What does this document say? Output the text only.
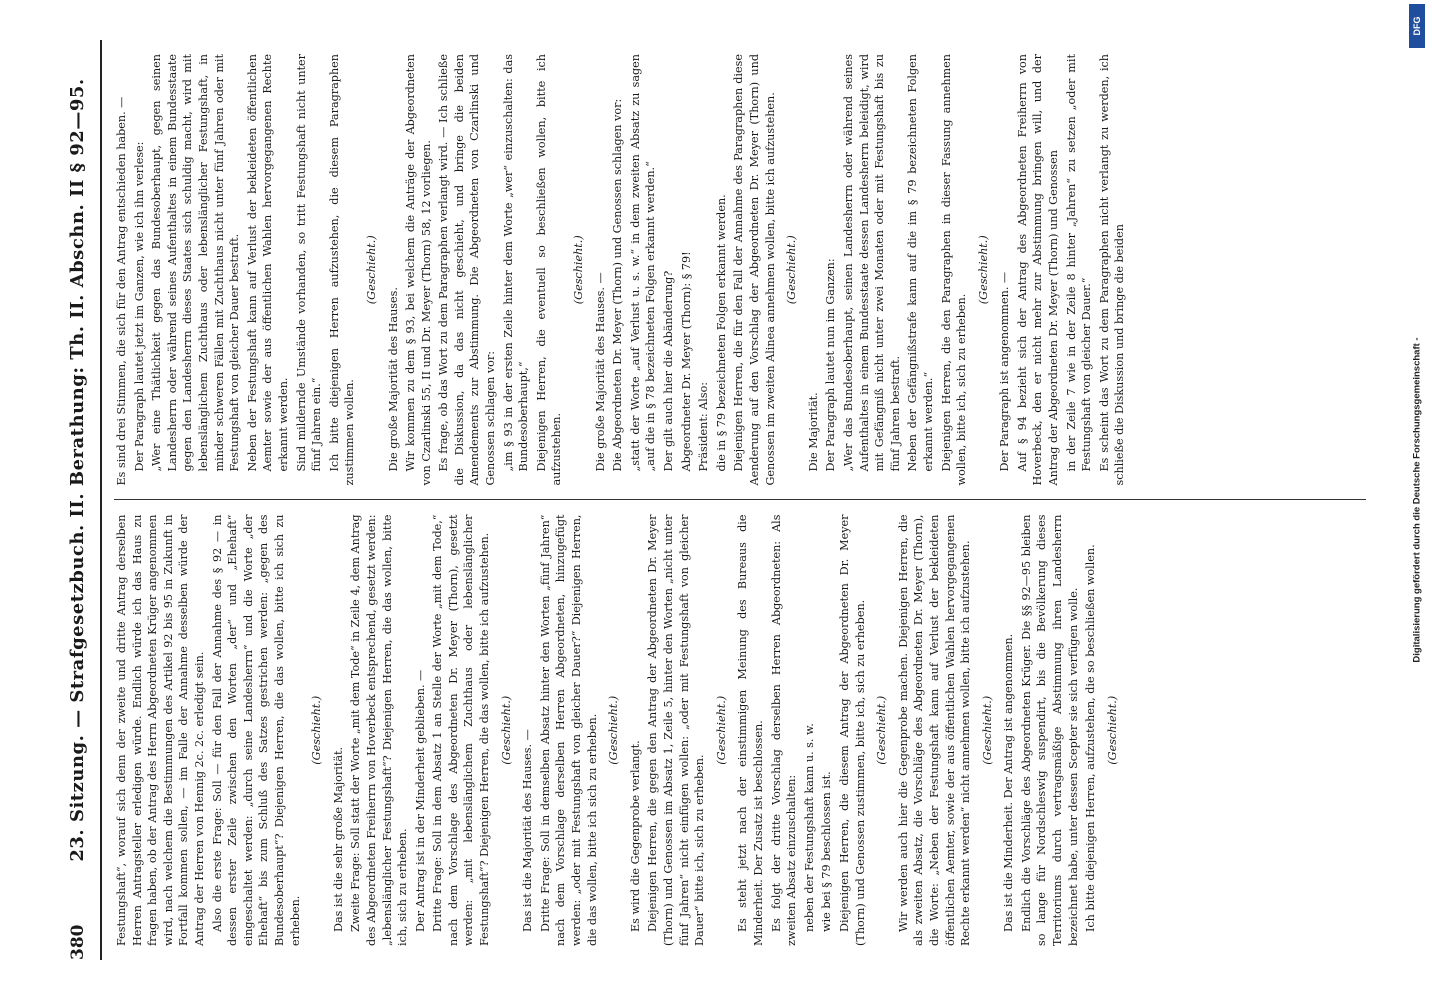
380
23. Sitzung. — Strafgesetzbuch. II. Berathung: Th. II. Abschn. II § 92—95. Festungshaft“, worauf sich denn der zweite und dritte Antrag derselben Herren Antragsteller erledigen würde. Endlich würde ich das Haus zu fragen haben, ob der Antrag des Herrn Abgeordneten Krüger angenommen wird, nach welchem die Bestimmungen des Artikel 92 bis 95 in Zukunft in Fortfall kommen sollen, — im Falle der Annahme desselben würde der Antrag der Herren von Hennig 2c. 2c. erledigt sein. Also die erste Frage: Soll — für den Fall der Annahme des § 92 — in dessen erster Zeile zwischen den Worten „der“ und „Ehehaft“ eingeschaltet werden: „durch seine Landesherrn“ und die Worte „der Ehehaft“ bis zum Schluß des Satzes gestrichen werden: „gegen des Bundesoberhaupt“? Diejenigen Herren, die das wollen, bitte ich sich zu erheben.

(Geschieht.)

Das ist die sehr große Majorität. Zweite Frage: Soll statt der Worte „mit dem Tode“ in Zeile 4, dem Antrag des Abgeordneten Freiherrn von Hoverbeck entsprechend, gesetzt werden: „lebenslänglicher Festungshaft“? Diejenigen Herren, die das wollen, bitte ich, sich zu erheben. Der Antrag ist in der Minderheit geblieben. — Dritte Frage: Soll in dem Absatz 1 an Stelle der Worte „mit dem Tode,“ nach dem Vorschlage des Abgeordneten Dr. Meyer (Thorn), gesetzt werden: „mit lebenslänglichem Zuchthaus oder lebenslänglicher Festungshaft“? Diejenigen Herren, die das wollen, bitte ich aufzustehen. (Geschieht.) Das ist die Majorität des Hauses. — Dritte Frage: Soll in demselben Absatz hinter den Worten „fünf Jahren“ nach dem Vorschlage derselben Herren Abgeordneten, hinzugefügt werden: „oder mit Festungshaft von gleicher Dauer?“ Diejenigen Herren, die das wollen, bitte ich sich zu erheben. (Geschieht.)

Es wird die Gegenprobe verlangt. Diejenigen Herren, die gegen den Antrag der Abgeordneten Dr. Meyer (Thorn) und Genossen im Absatz 1, Zeile 5, hinter den Worten „nicht unter fünf Jahren“ nicht einfügen wollen: „oder mit Festungshaft von gleicher Dauer“ bitte ich, sich zu erheben.

(Geschieht.) Es steht jetzt nach der einstimmigen Meinung des Bureaus die Minderheit. Der Zusatz ist beschlossen. Es folgt der dritte Vorschlag derselben Herren Abgeordneten: Als zweiten Absatz einzuschalten: neben der Festungshaft kann u. s. w. wie bei § 79 beschlossen ist. Diejenigen Herren, die diesem Antrag der Abgeordneten Dr. Meyer (Thorn) und Genossen zustimmen, bitte ich, sich zu erheben. (Geschieht.) Wir werden auch hier die Gegenprobe machen. Diejenigen Herren, die als zweiten Absatz, die Vorschläge des Abgeordneten Dr. Meyer (Thorn), die Worte: „Neben der Festungshaft kann auf Verlust der bekleideten öffentlichen Aemter, sowie der aus öffentlichen Wahlen hervorgegangenen Rechte erkannt werden“ nicht annehmen wollen, bitte ich aufzustehen. (Geschieht.) Das ist die Minderheit. Der Antrag ist angenommen. Endlich die Vorschläge des Abgeordneten Krüger. Die §§ 92—95 bleiben so lange für Nordschleswig suspendirt, bis die Bevölkerung dieses Territoriums durch vertragsmäßige Abstimmung ihren Landesherrn bezeichnet habe, unter dessen Scepter sie sich verfügen wolle. Ich bitte diejenigen Herren, aufzustehen, die so beschließen wollen. (Geschieht.)

Es sind drei Stimmen, die sich für den Antrag entschieden haben. — Der Paragraph lautet jetzt im Ganzen, wie ich ihn verlese: „Wer eine Thätlichkeit gegen das Bundesoberhaupt, gegen seinen Landesherrn oder während seines Aufenthaltes in einem Bundesstaate gegen den Landesherrn dieses Staates sich schuldig macht, wird mit lebenslänglichem Zuchthaus oder lebenslänglicher Festungshaft, in minder schweren Fällen mit Zuchthaus nicht unter fünf Jahren oder mit Festungshaft von gleicher Dauer bestraft. Neben der Festungshaft kann auf Verlust der bekleideten öffentlichen Aemter sowie der aus öffentlichen Wahlen hervorgegangenen Rechte erkannt werden. Sind mildernde Umstände vorhanden, so tritt Festungshaft nicht unter fünf Jahren ein.“ Ich bitte diejenigen Herren aufzustehen, die diesem Paragraphen zustimmen wollen.

(Geschieht.)

Die große Majorität des Hauses. Wir kommen zu dem § 93, bei welchem die Anträge der Abgeordneten von Czarlinski 55, II und Dr. Meyer (Thorn) 58, 12 vorliegen. Es frage, ob das Wort zu dem Paragraphen verlangt wird. — Ich schließe die Diskussion, da das nicht geschieht, und bringe die beiden Amendements zur Abstimmung. Die Abgeordneten von Czarlinski und Genossen schlagen vor: „im § 93 in der ersten Zeile hinter dem Worte „wer“ einzuschalten: das Bundesoberhaupt,“ Diejenigen Herren, die eventuell so beschließen wollen, bitte ich aufzustehen.

(Geschieht.)

Die große Majorität des Hauses. — Die Abgeordneten Dr. Meyer (Thorn) und Genossen schlagen vor: „statt der Worte „auf Verlust u. s. w.“ in dem zweiten Absatz zu sagen „auf die in § 78 bezeichneten Folgen erkannt werden.“ Der gilt auch hier die Abänderung? Abgeordneter Dr. Meyer (Thorn): § 79! Präsident: Also: die in § 79 bezeichneten Folgen erkannt werden. Diejenigen Herren, die für den Fall der Annahme des Paragraphen diese Aenderung auf den Vorschlag der Abgeordneten Dr. Meyer (Thorn) und Genossen im zweiten Alinea annehmen wollen, bitte ich aufzustehen. (Geschieht.)

Die Majorität. Der Paragraph lautet nun im Ganzen: „Wer das Bundesoberhaupt, seinen Landesherrn oder während seines Aufenthaltes in einem Bundesstaate dessen Landesherrn beleidigt, wird mit Gefängniß nicht unter zwei Monaten oder mit Festungshaft bis zu fünf Jahren bestraft. Neben der Gefängnißstrafe kann auf die im § 79 bezeichneten Folgen erkannt werden.“ Diejenigen Herren, die den Paragraphen in dieser Fassung annehmen wollen, bitte ich, sich zu erheben.

(Geschieht.)

Der Paragraph ist angenommen. — Auf § 94 bezieht sich der Antrag des Abgeordneten Freiherrn von Hoverbeck, den er nicht mehr zur Abstimmung bringen will, und der Antrag der Abgeordneten Dr. Meyer (Thorn) und Genossen in der Zeile 7 wie in der Zeile 8 hinter „Jahren“ zu setzen „oder mit Festungshaft von gleicher Dauer.“ Es scheint das Wort zu dem Paragraphen nicht verlangt zu werden, ich schließe die Diskussion und bringe die beiden

DFG
Digitalisierung gefördert durch die Deutsche Forschungsgemeinschaft -
